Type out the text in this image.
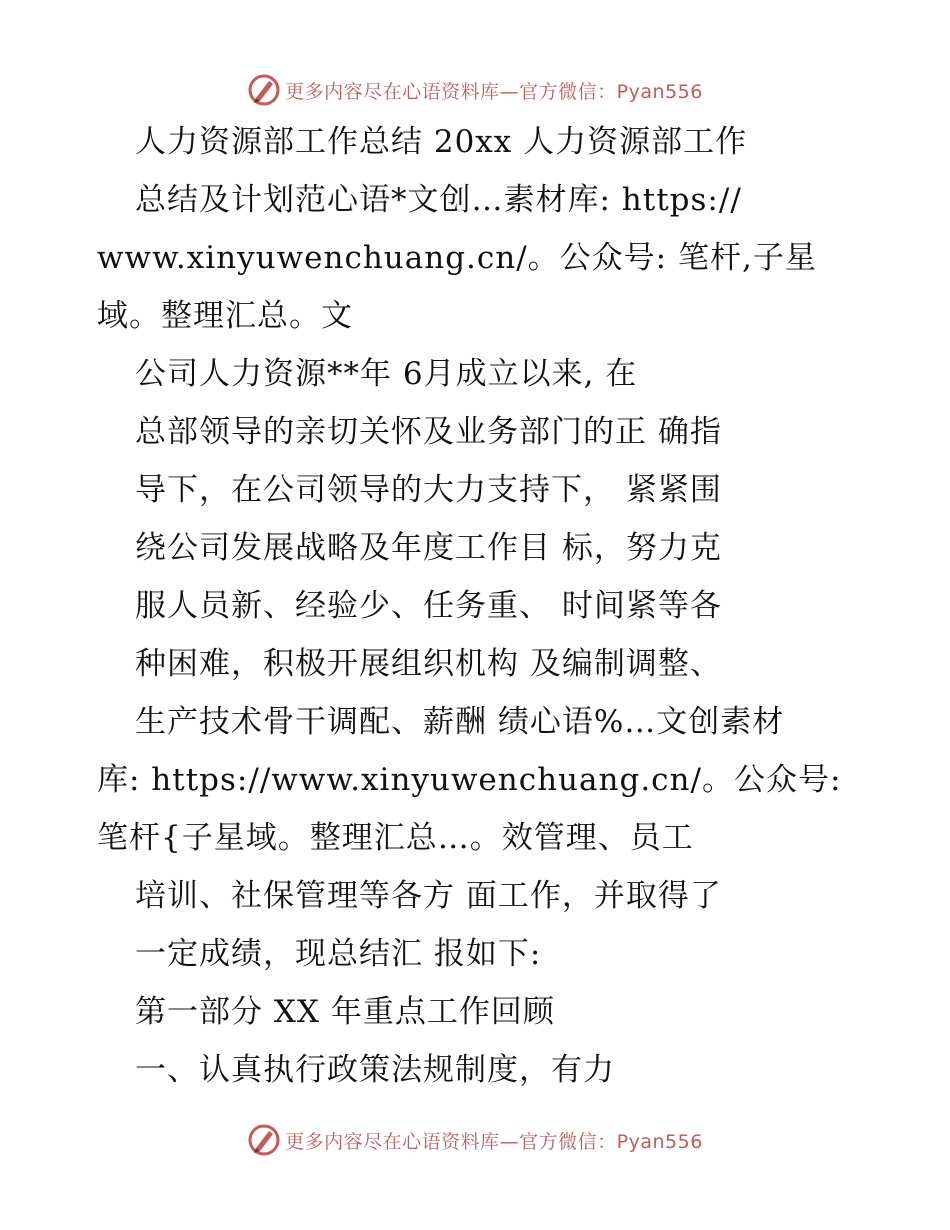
更多内容尽在心语资料库—官方微信：Pyan556
人力资源部工作总结 20xx 人力资源部工作
总结及计划范心语*文创…素材库: https://
www.xinyuwenchuang.cn/。公众号: 笔杆,子星
域。整理汇总。文
公司人力资源**年 6月成立以来, 在
总部领导的亲切关怀及业务部门的正 确指
导下，在公司领导的大力支持下， 紧紧围
绕公司发展战略及年度工作目 标，努力克
服人员新、经验少、任务重、 时间紧等各
种困难，积极开展组织机构 及编制调整、
生产技术骨干调配、薪酬 绩心语%…文创素材
库: https://www.xinyuwenchuang.cn/。公众号:
笔杆{子星域。整理汇总…。效管理、员工
培训、社保管理等各方 面工作，并取得了
一定成绩，现总结汇 报如下:
第一部分 XX 年重点工作回顾
一、认真执行政策法规制度，有力
更多内容尽在心语资料库—官方微信：Pyan556
